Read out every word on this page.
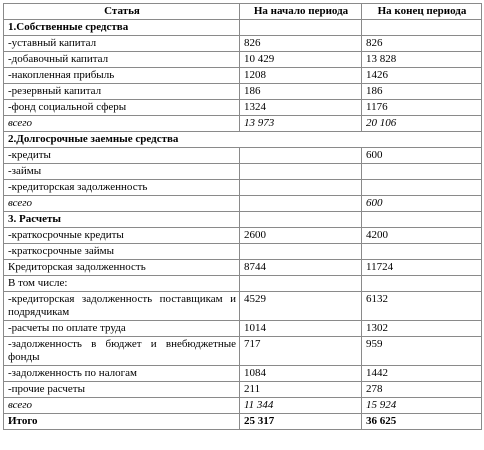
Статья	На начало периода	На конец периода
1.Собственные средства		
-уставный капитал	826	826
-добавочный капитал	10 429	13 828
-накопленная прибыль	1208	1426
-резервный капитал	186	186
-фонд социальной сферы	1324	1176
всего	13 973	20 106
2.Долгосрочные заемные средства		
-кредиты		600
-займы		
-кредиторская задолженность		
всего		600
3. Расчеты		
-краткосрочные кредиты	2600	4200
-краткосрочные займы		
Кредиторская задолженность	8744	11724
В том числе:		
-кредиторская задолженность поставщикам и подрядчикам	4529	6132
-расчеты по оплате труда	1014	1302
-задолженность в бюджет и внебюджетные фонды	717	959
-задолженность по налогам	1084	1442
-прочие расчеты	211	278
всего	11 344	15 924
Итого	25 317	36 625
